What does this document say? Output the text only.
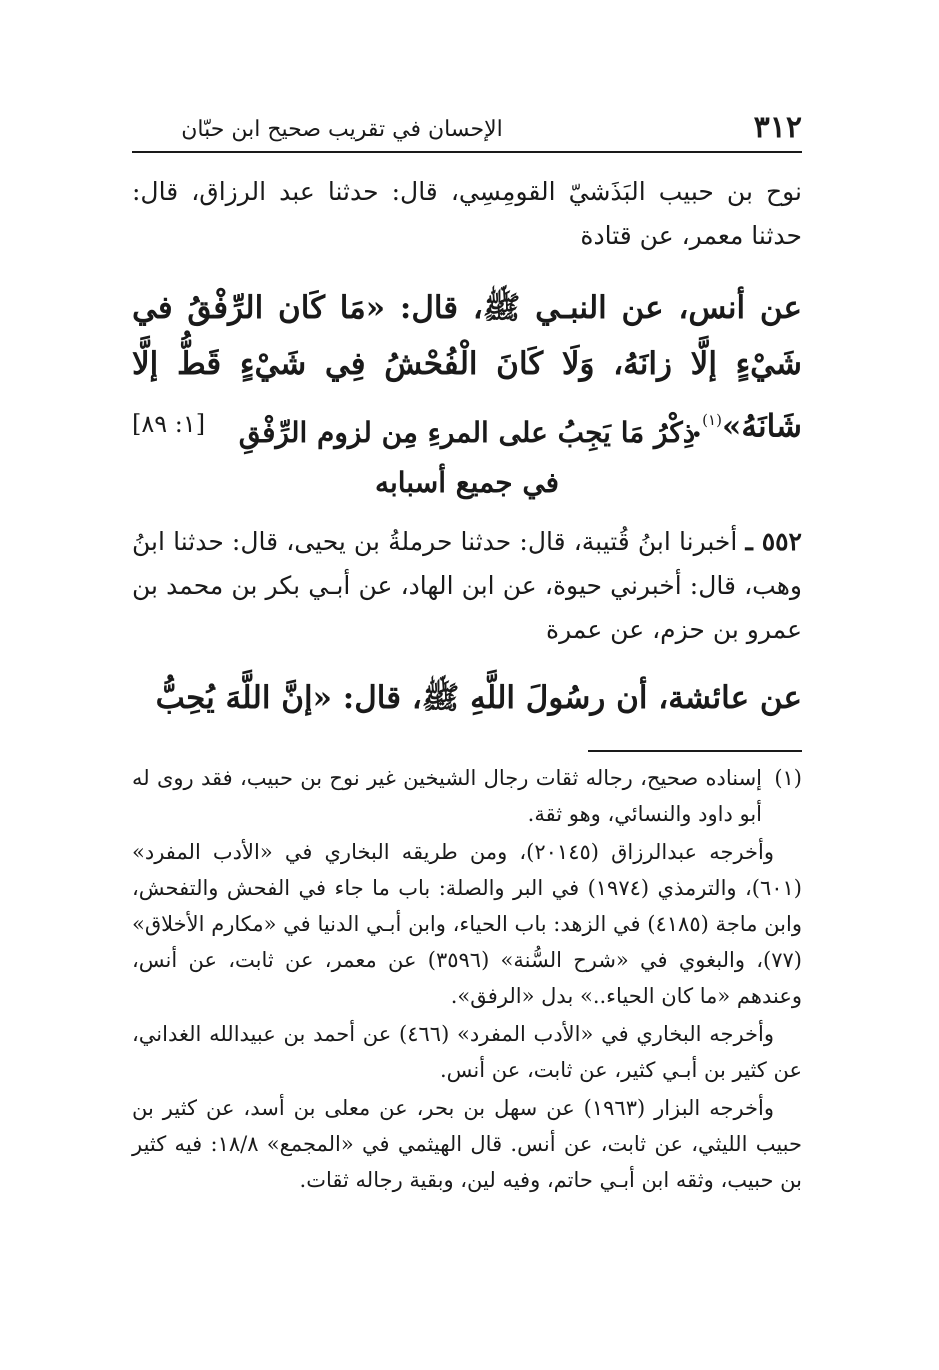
٣١٢
الإحسان في تقريب صحيح ابن حبّان
نوح بن حبيب البَذَشيّ القومِسِي، قال: حدثنا عبد الرزاق، قال: حدثنا معمر، عن قتادة
عن أنس، عن النبـي ﷺ، قال: «مَا كَان الرِّفْقُ في شَيْءٍ إلَّا زانَهُ، وَلَا كَانَ الْفُحْشُ فِي شَيْءٍ قَطُّ إلَّا شَانَهُ»$^{(١)}$.
[١: ٨٩]	ذِكْرُ مَا يَجِبُ على المرءِ مِن لزوم الرِّفْقِ
في جميع أسبابه
٥٥٢ ـ أخبرنا ابنُ قُتيبة، قال: حدثنا حرملةُ بن يحيى، قال: حدثنا ابنُ وهب، قال: أخبرني حيوة، عن ابن الهاد، عن أبـي بكر بن محمد بن عمرو بن حزم، عن عمرة
عن عائشة، أن رسُولَ اللَّهِ ﷺ، قال: «إنَّ اللَّهَ يُحِبُّ

(١)إسناده صحيح، رجاله ثقات رجال الشيخين غير نوح بن حبيب، فقد روى له أبو داود والنسائي، وهو ثقة.

وأخرجه عبدالرزاق (٢٠١٤٥)، ومن طريقه البخاري في «الأدب المفرد» (٦٠١)، والترمذي (١٩٧٤) في البر والصلة: باب ما جاء في الفحش والتفحش، وابن ماجة (٤١٨٥) في الزهد: باب الحياء، وابن أبـي الدنيا في «مكارم الأخلاق» (٧٧)، والبغوي في «شرح السُّنة» (٣٥٩٦) عن معمر، عن ثابت، عن أنس، وعندهم «ما كان الحياء..» بدل «الرفق».

وأخرجه البخاري في «الأدب المفرد» (٤٦٦) عن أحمد بن عبيدالله الغداني، عن كثير بن أبـي كثير، عن ثابت، عن أنس.

وأخرجه البزار (١٩٦٣) عن سهل بن بحر، عن معلى بن أسد، عن كثير بن حبيب الليثي، عن ثابت، عن أنس. قال الهيثمي في «المجمع» ١٨/٨: فيه كثير بن حبيب، وثقه ابن أبـي حاتم، وفيه لين، وبقية رجاله ثقات.
